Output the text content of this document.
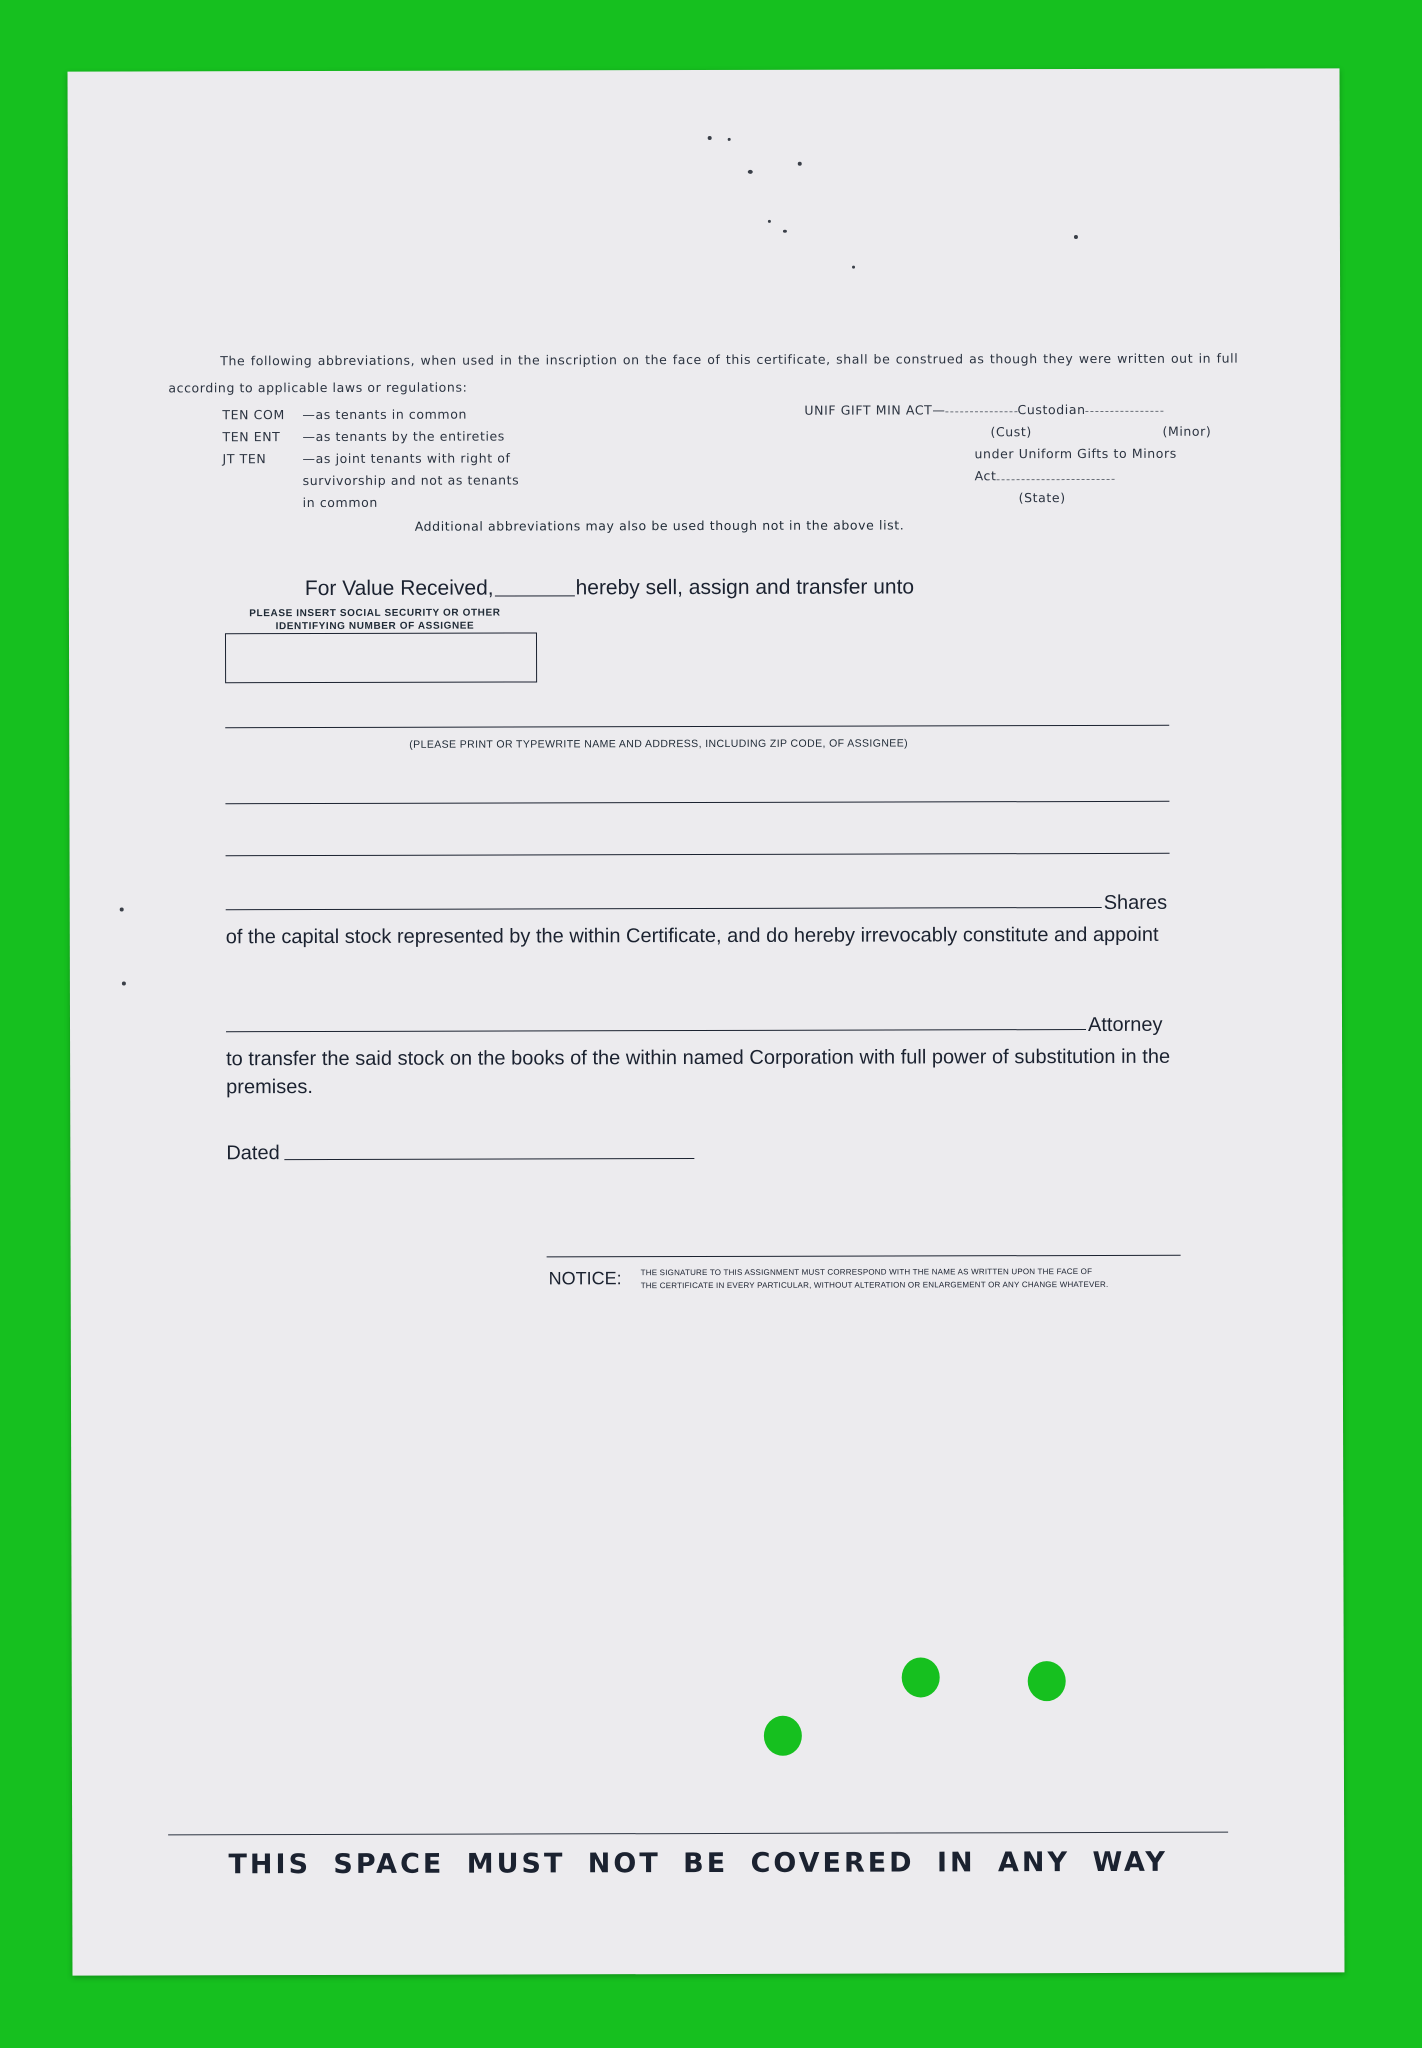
The following abbreviations, when used in the inscription on the face of this certificate, shall be construed as though they were written out in full according to applicable laws or regulations:

TEN COM	—as tenants in common
TEN ENT	—as tenants by the entireties
JT TEN	—as joint tenants with right of
survivorship and not as tenants
in common
UNIF GIFT MIN ACT—	Custodian
(Cust)	(Minor)
under Uniform Gifts to Minors
Act
(State)
Additional abbreviations may also be used though not in the above list.
For Value Received,	hereby sell, assign and transfer unto
PLEASE INSERT SOCIAL SECURITY OR OTHER IDENTIFYING NUMBER OF ASSIGNEE
(PLEASE PRINT OR TYPEWRITE NAME AND ADDRESS, INCLUDING ZIP CODE, OF ASSIGNEE)
Shares
of the capital stock represented by the within Certificate, and do hereby irrevocably constitute and appoint
Attorney
to transfer the said stock on the books of the within named Corporation with full power of substitution in the premises.
Dated
NOTICE: THE SIGNATURE TO THIS ASSIGNMENT MUST CORRESPOND WITH THE NAME AS WRITTEN UPON THE FACE OF
THE CERTIFICATE IN EVERY PARTICULAR, WITHOUT ALTERATION OR ENLARGEMENT OR ANY CHANGE WHATEVER.
THIS SPACE MUST NOT BE COVERED IN ANY WAY
